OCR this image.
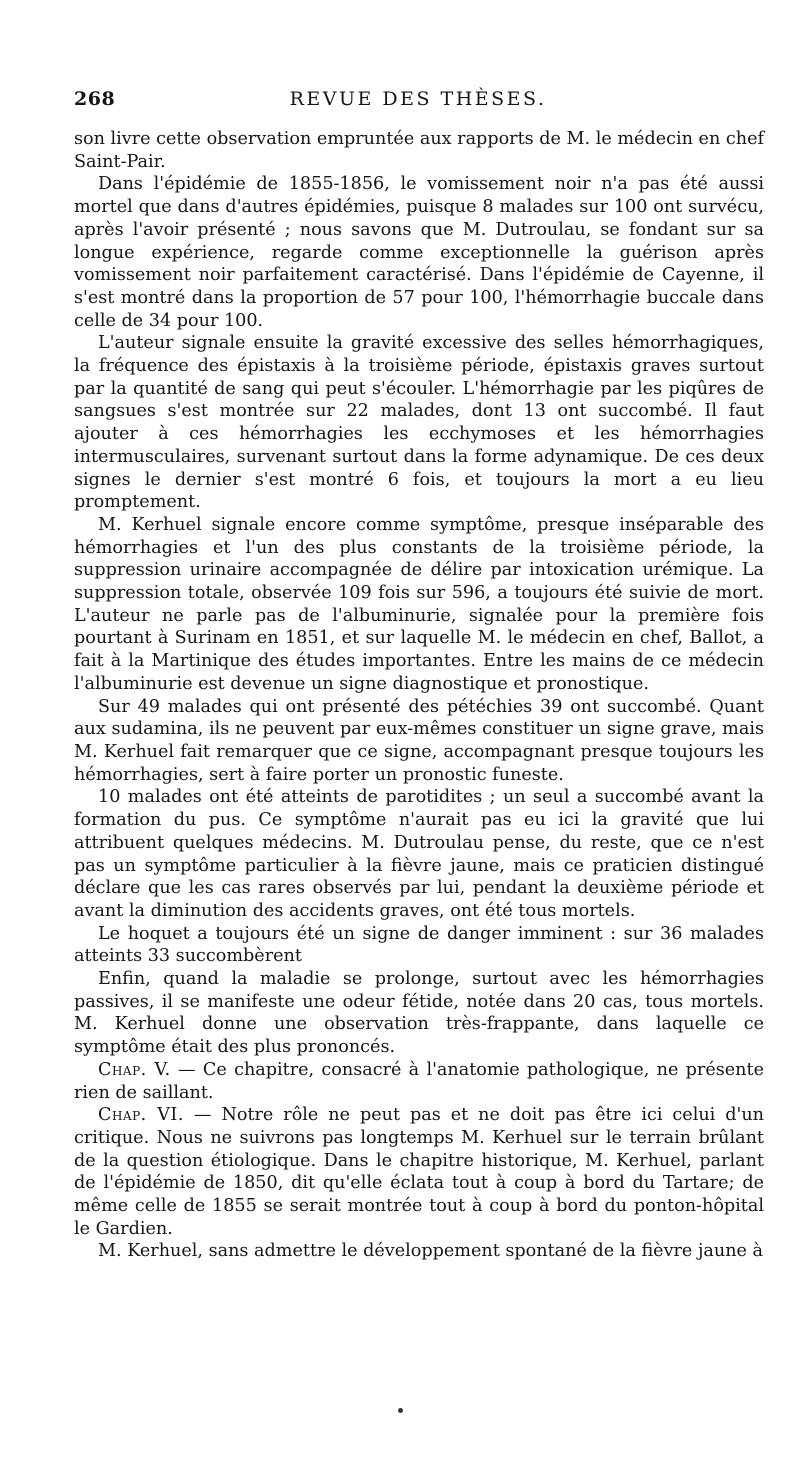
268	REVUE DES THÈSES.

son livre cette observation empruntée aux rapports de M. le médecin en chef Saint-Pair.

Dans l'épidémie de 1855-1856, le vomissement noir n'a pas été aussi mortel que dans d'autres épidémies, puisque 8 malades sur 100 ont survécu, après l'avoir présenté ; nous savons que M. Dutroulau, se fondant sur sa longue expérience, regarde comme exceptionnelle la guérison après vomissement noir parfaitement caractérisé. Dans l'épidémie de Cayenne, il s'est montré dans la proportion de 57 pour 100, l'hémorrhagie buccale dans celle de 34 pour 100.

L'auteur signale ensuite la gravité excessive des selles hémorrhagiques, la fréquence des épistaxis à la troisième période, épistaxis graves surtout par la quantité de sang qui peut s'écouler. L'hémorrhagie par les piqûres de sangsues s'est montrée sur 22 malades, dont 13 ont succombé. Il faut ajouter à ces hémorrhagies les ecchymoses et les hémorrhagies intermusculaires, survenant surtout dans la forme adynamique. De ces deux signes le dernier s'est montré 6 fois, et toujours la mort a eu lieu promptement.

M. Kerhuel signale encore comme symptôme, presque inséparable des hémorrhagies et l'un des plus constants de la troisième période, la suppression urinaire accompagnée de délire par intoxication urémique. La suppression totale, observée 109 fois sur 596, a toujours été suivie de mort. L'auteur ne parle pas de l'albuminurie, signalée pour la première fois pourtant à Surinam en 1851, et sur laquelle M. le médecin en chef, Ballot, a fait à la Martinique des études importantes. Entre les mains de ce médecin l'albuminurie est devenue un signe diagnostique et pronostique.

Sur 49 malades qui ont présenté des pétéchies 39 ont succombé. Quant aux sudamina, ils ne peuvent par eux-mêmes constituer un signe grave, mais M. Kerhuel fait remarquer que ce signe, accompagnant presque toujours les hémorrhagies, sert à faire porter un pronostic funeste.

10 malades ont été atteints de parotidites ; un seul a succombé avant la formation du pus. Ce symptôme n'aurait pas eu ici la gravité que lui attribuent quelques médecins. M. Dutroulau pense, du reste, que ce n'est pas un symptôme particulier à la fièvre jaune, mais ce praticien distingué déclare que les cas rares observés par lui, pendant la deuxième période et avant la diminution des accidents graves, ont été tous mortels.

Le hoquet a toujours été un signe de danger imminent : sur 36 malades atteints 33 succombèrent

Enfin, quand la maladie se prolonge, surtout avec les hémorrhagies passives, il se manifeste une odeur fétide, notée dans 20 cas, tous mortels. M. Kerhuel donne une observation très-frappante, dans laquelle ce symptôme était des plus prononcés.

Chap. V. — Ce chapitre, consacré à l'anatomie pathologique, ne présente rien de saillant.

Chap. VI. — Notre rôle ne peut pas et ne doit pas être ici celui d'un critique. Nous ne suivrons pas longtemps M. Kerhuel sur le terrain brûlant de la question étiologique. Dans le chapitre historique, M. Kerhuel, parlant de l'épidémie de 1850, dit qu'elle éclata tout à coup à bord du Tartare; de même celle de 1855 se serait montrée tout à coup à bord du ponton-hôpital le Gardien.

M. Kerhuel, sans admettre le développement spontané de la fièvre jaune à
